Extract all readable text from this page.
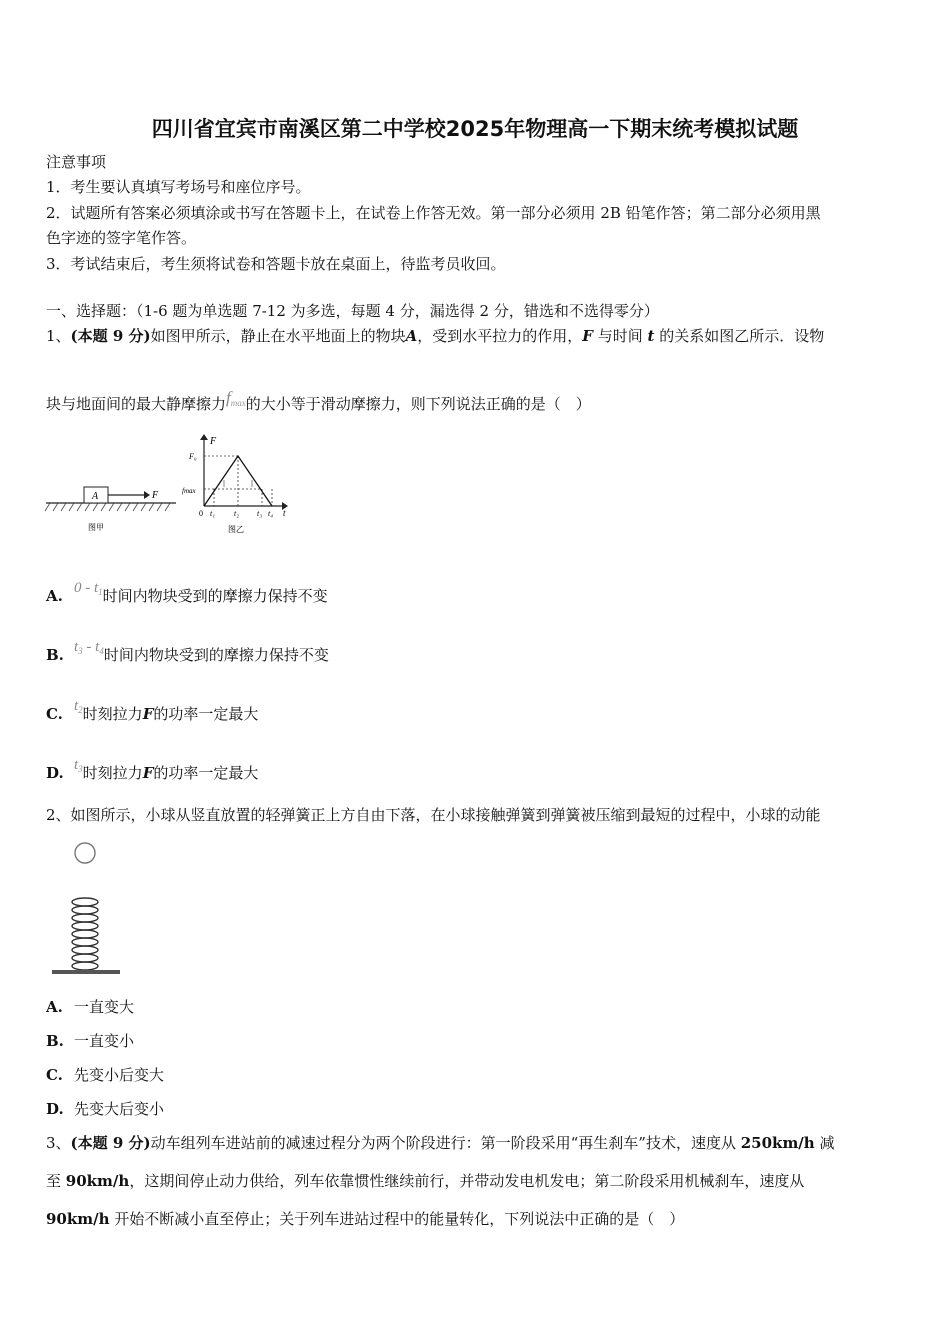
四川省宜宾市南溪区第二中学校2025年物理高一下期末统考模拟试题
注意事项
1．考生要认真填写考场号和座位序号。
2．试题所有答案必须填涂或书写在答题卡上，在试卷上作答无效。第一部分必须用 2B 铅笔作答；第二部分必须用黑
色字迹的签字笔作答。
3．考试结束后，考生须将试卷和答题卡放在桌面上，待监考员收回。
一、选择题：（1-6 题为单选题 7-12 为多选，每题 4 分，漏选得 2 分，错选和不选得零分）
1、(本题 9 分)如图甲所示，静止在水平地面上的物块A，受到水平拉力的作用，F 与时间 t 的关系如图乙所示．设物
块与地面间的最大静摩擦力$f_{max}$的大小等于滑动摩擦力，则下列说法正确的是（　）
A	F
图甲
F
t
F₀
fmax
0 t₁ t₂ t₃ t₄
图乙
A. $0 - t_1$时间内物块受到的摩擦力保持不变
B. $t_3 - t_4$时间内物块受到的摩擦力保持不变
C. $t_2$时刻拉力F的功率一定最大
D. $t_3$时刻拉力F的功率一定最大
2、如图所示，小球从竖直放置的轻弹簧正上方自由下落，在小球接触弹簧到弹簧被压缩到最短的过程中，小球的动能
A. 一直变大
B. 一直变小
C. 先变小后变大
D. 先变大后变小
3、(本题 9 分)动车组列车进站前的减速过程分为两个阶段进行：第一阶段采用“再生刹车”技术，速度从 250km/h 减
至 90km/h，这期间停止动力供给，列车依靠惯性继续前行，并带动发电机发电；第二阶段采用机械刹车，速度从
90km/h 开始不断减小直至停止；关于列车进站过程中的能量转化，下列说法中正确的是（　）
